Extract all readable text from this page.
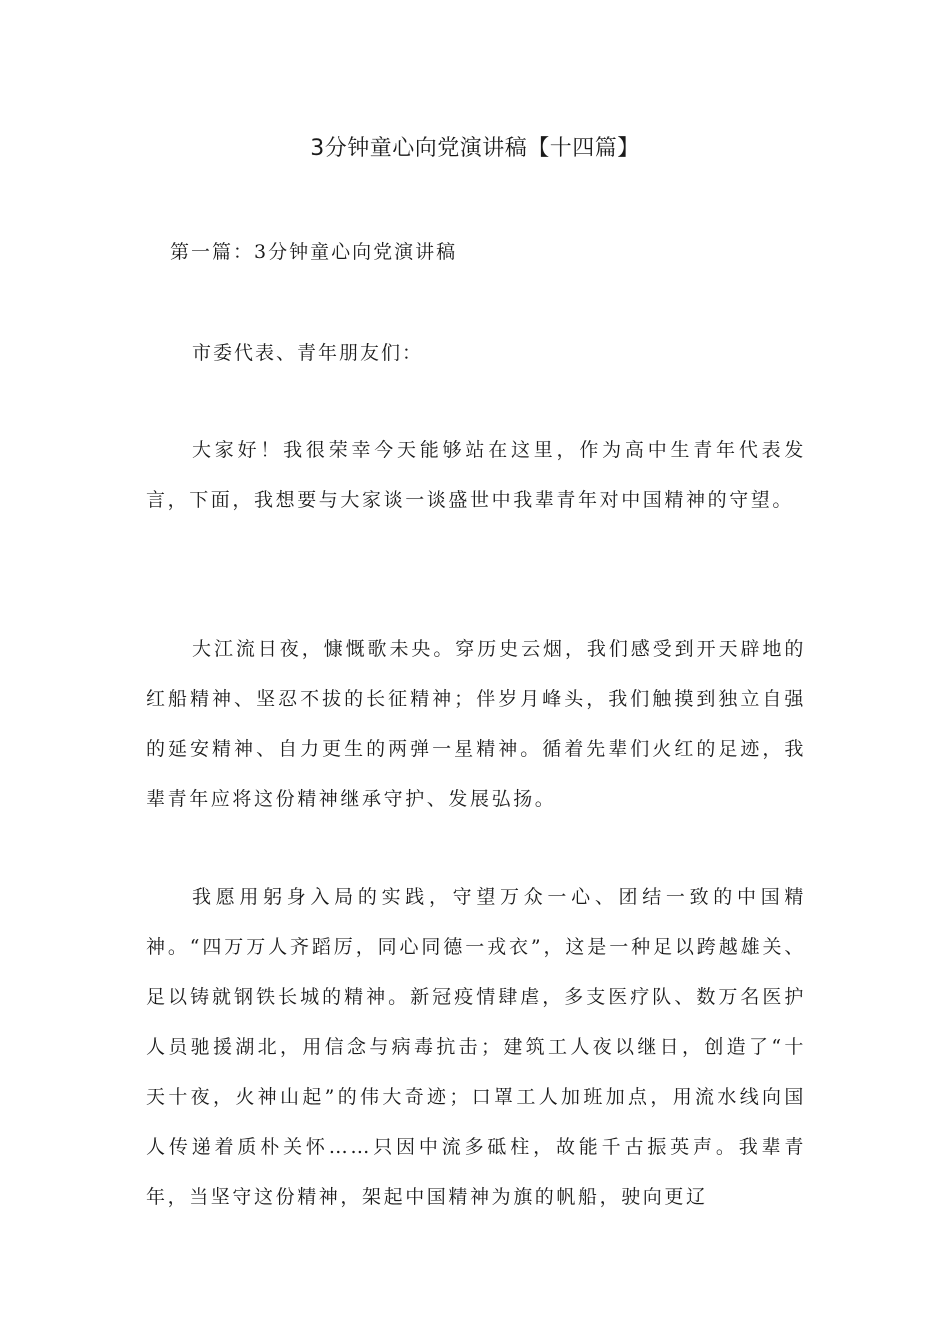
3分钟童心向党演讲稿【十四篇】
第一篇：3分钟童心向党演讲稿
市委代表、青年朋友们：

大家好！我很荣幸今天能够站在这里，作为高中生青年代表发言，下面，我想要与大家谈一谈盛世中我辈青年对中国精神的守望。

大江流日夜，慷慨歌未央。穿历史云烟，我们感受到开天辟地的红船精神、坚忍不拔的长征精神；伴岁月峰头，我们触摸到独立自强的延安精神、自力更生的两弹一星精神。循着先辈们火红的足迹，我辈青年应将这份精神继承守护、发展弘扬。

我愿用躬身入局的实践，守望万众一心、团结一致的中国精神。“四万万人齐蹈厉，同心同德一戎衣”，这是一种足以跨越雄关、足以铸就钢铁长城的精神。新冠疫情肆虐，多支医疗队、数万名医护人员驰援湖北，用信念与病毒抗击；建筑工人夜以继日，创造了“十天十夜，火神山起”的伟大奇迹；口罩工人加班加点，用流水线向国人传递着质朴关怀……只因中流多砥柱，故能千古振英声。我辈青年，当坚守这份精神，架起中国精神为旗的帆船，驶向更辽
